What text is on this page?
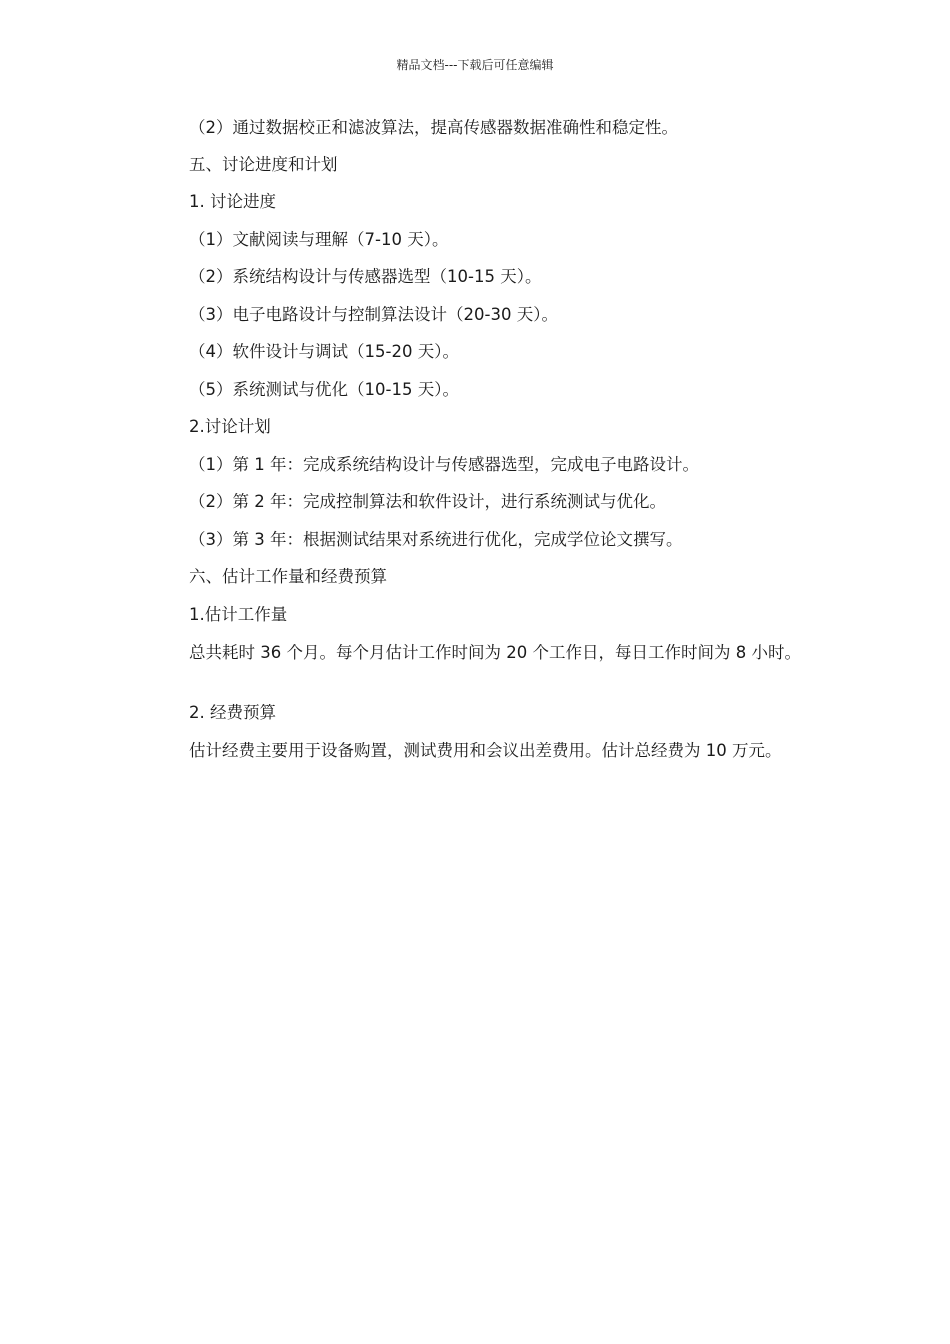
精品文档---下载后可任意编辑
（2）通过数据校正和滤波算法，提高传感器数据准确性和稳定性。
五、讨论进度和计划
1. 讨论进度
（1）文献阅读与理解（7-10 天）。
（2）系统结构设计与传感器选型（10-15 天）。
（3）电子电路设计与控制算法设计（20-30 天）。
（4）软件设计与调试（15-20 天）。
（5）系统测试与优化（10-15 天）。
2.讨论计划
（1）第 1 年：完成系统结构设计与传感器选型，完成电子电路设计。
（2）第 2 年：完成控制算法和软件设计，进行系统测试与优化。
（3）第 3 年：根据测试结果对系统进行优化，完成学位论文撰写。
六、估计工作量和经费预算
1.估计工作量
总共耗时 36 个月。每个月估计工作时间为 20 个工作日，每日工作时间为 8 小时。
2. 经费预算
估计经费主要用于设备购置，测试费用和会议出差费用。估计总经费为 10 万元。
